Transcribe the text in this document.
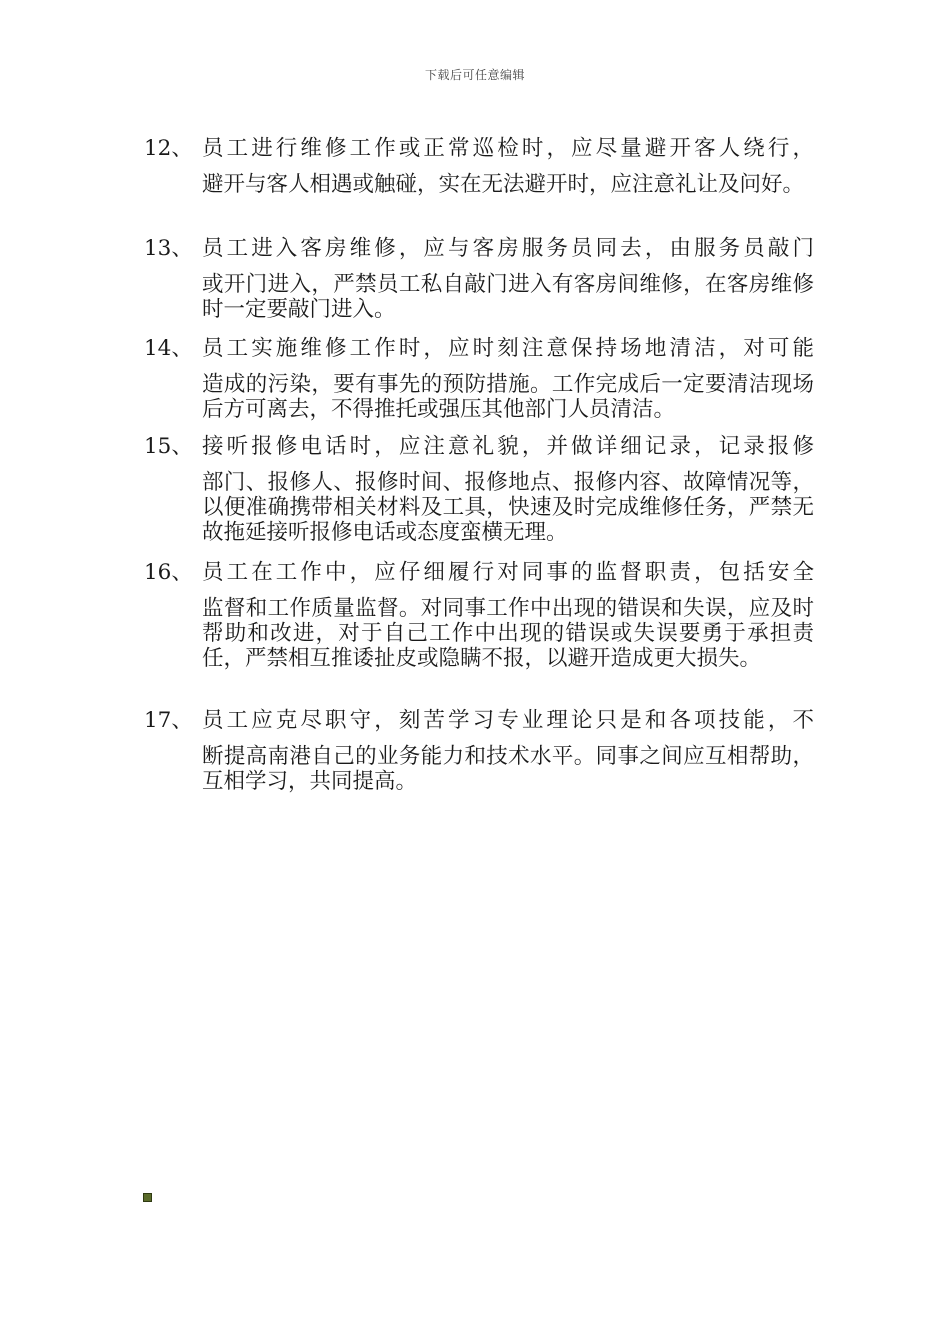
下载后可任意编辑
12、 员工进行维修工作或正常巡检时，应尽量避开客人绕行，
避开与客人相遇或触碰，实在无法避开时，应注意礼让及问好。
13、 员工进入客房维修，应与客房服务员同去，由服务员敲门
或开门进入，严禁员工私自敲门进入有客房间维修，在客房维修时一定要敲门进入。
14、 员工实施维修工作时，应时刻注意保持场地清洁，对可能
造成的污染，要有事先的预防措施。工作完成后一定要清洁现场后方可离去，不得推托或强压其他部门人员清洁。
15、 接听报修电话时，应注意礼貌，并做详细记录，记录报修
部门、报修人、报修时间、报修地点、报修内容、故障情况等，以便准确携带相关材料及工具，快速及时完成维修任务，严禁无故拖延接听报修电话或态度蛮横无理。
16、 员工在工作中，应仔细履行对同事的监督职责，包括安全
监督和工作质量监督。对同事工作中出现的错误和失误，应及时帮助和改进，对于自己工作中出现的错误或失误要勇于承担责任，严禁相互推诿扯皮或隐瞒不报，以避开造成更大损失。
17、 员工应克尽职守，刻苦学习专业理论只是和各项技能，不
断提高南港自己的业务能力和技术水平。同事之间应互相帮助，互相学习，共同提高。
